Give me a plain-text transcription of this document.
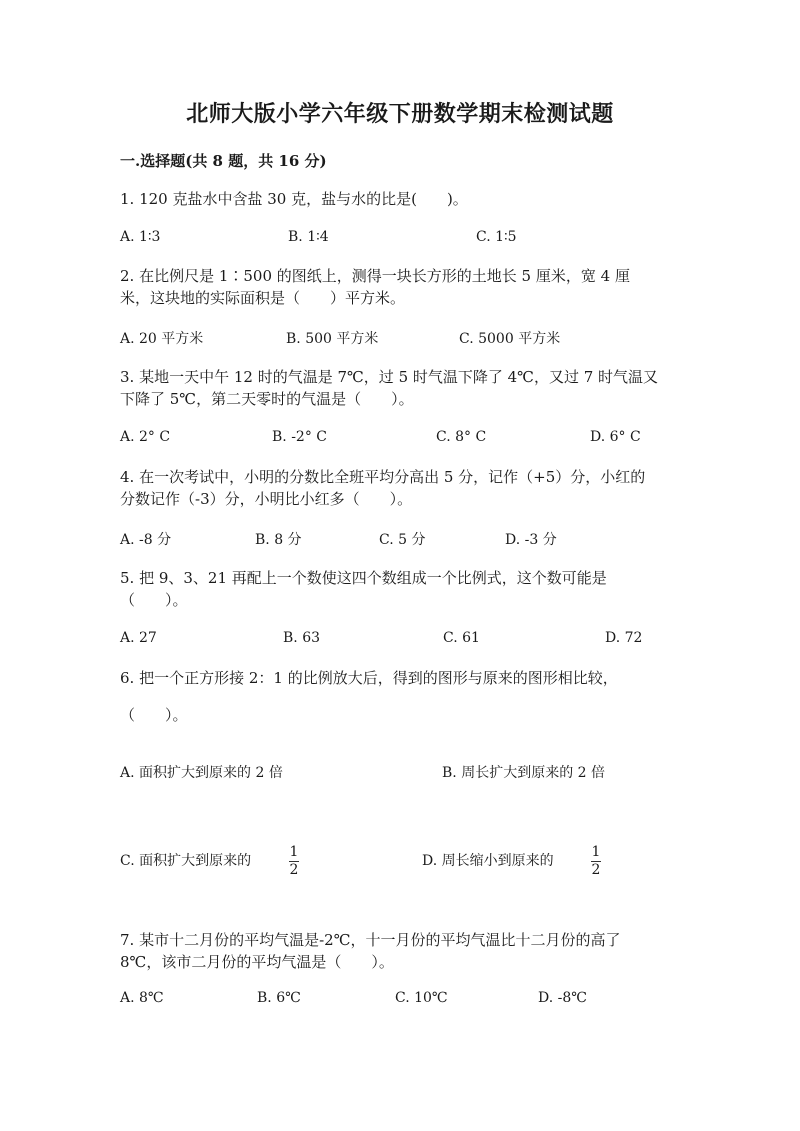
北师大版小学六年级下册数学期末检测试题
一.选择题(共 8 题，共 16 分)
1. 120 克盐水中含盐 30 克，盐与水的比是(　　)。
A. 1∶3	B. 1∶4	C. 1∶5
2. 在比例尺是 1∶500 的图纸上，测得一块长方形的土地长 5 厘米，宽 4 厘
米，这块地的实际面积是（　　）平方米。
A. 20 平方米	B. 500 平方米	C. 5000 平方米
3. 某地一天中午 12 时的气温是 7℃，过 5 时气温下降了 4℃，又过 7 时气温又
下降了 5℃，第二天零时的气温是（　　）。
A. 2° C	B. -2° C	C. 8° C	D. 6° C
4. 在一次考试中，小明的分数比全班平均分高出 5 分，记作（+5）分，小红的
分数记作（-3）分，小明比小红多（　　）。
A. -8 分	B. 8 分	C. 5 分	D. -3 分
5. 把 9、3、21 再配上一个数使这四个数组成一个比例式，这个数可能是
（　　）。
A. 27	B. 63	C. 61	D. 72
6. 把一个正方形接 2：1 的比例放大后，得到的图形与原来的图形相比较，
（　　）。
A. 面积扩大到原来的 2 倍	B. 周长扩大到原来的 2 倍
C. 面积扩大到原来的
1
2
D. 周长缩小到原来的
1
2
7. 某市十二月份的平均气温是-2℃，十一月份的平均气温比十二月份的高了
8℃，该市二月份的平均气温是（　　）。
A. 8℃	B. 6℃	C. 10℃	D. -8℃
